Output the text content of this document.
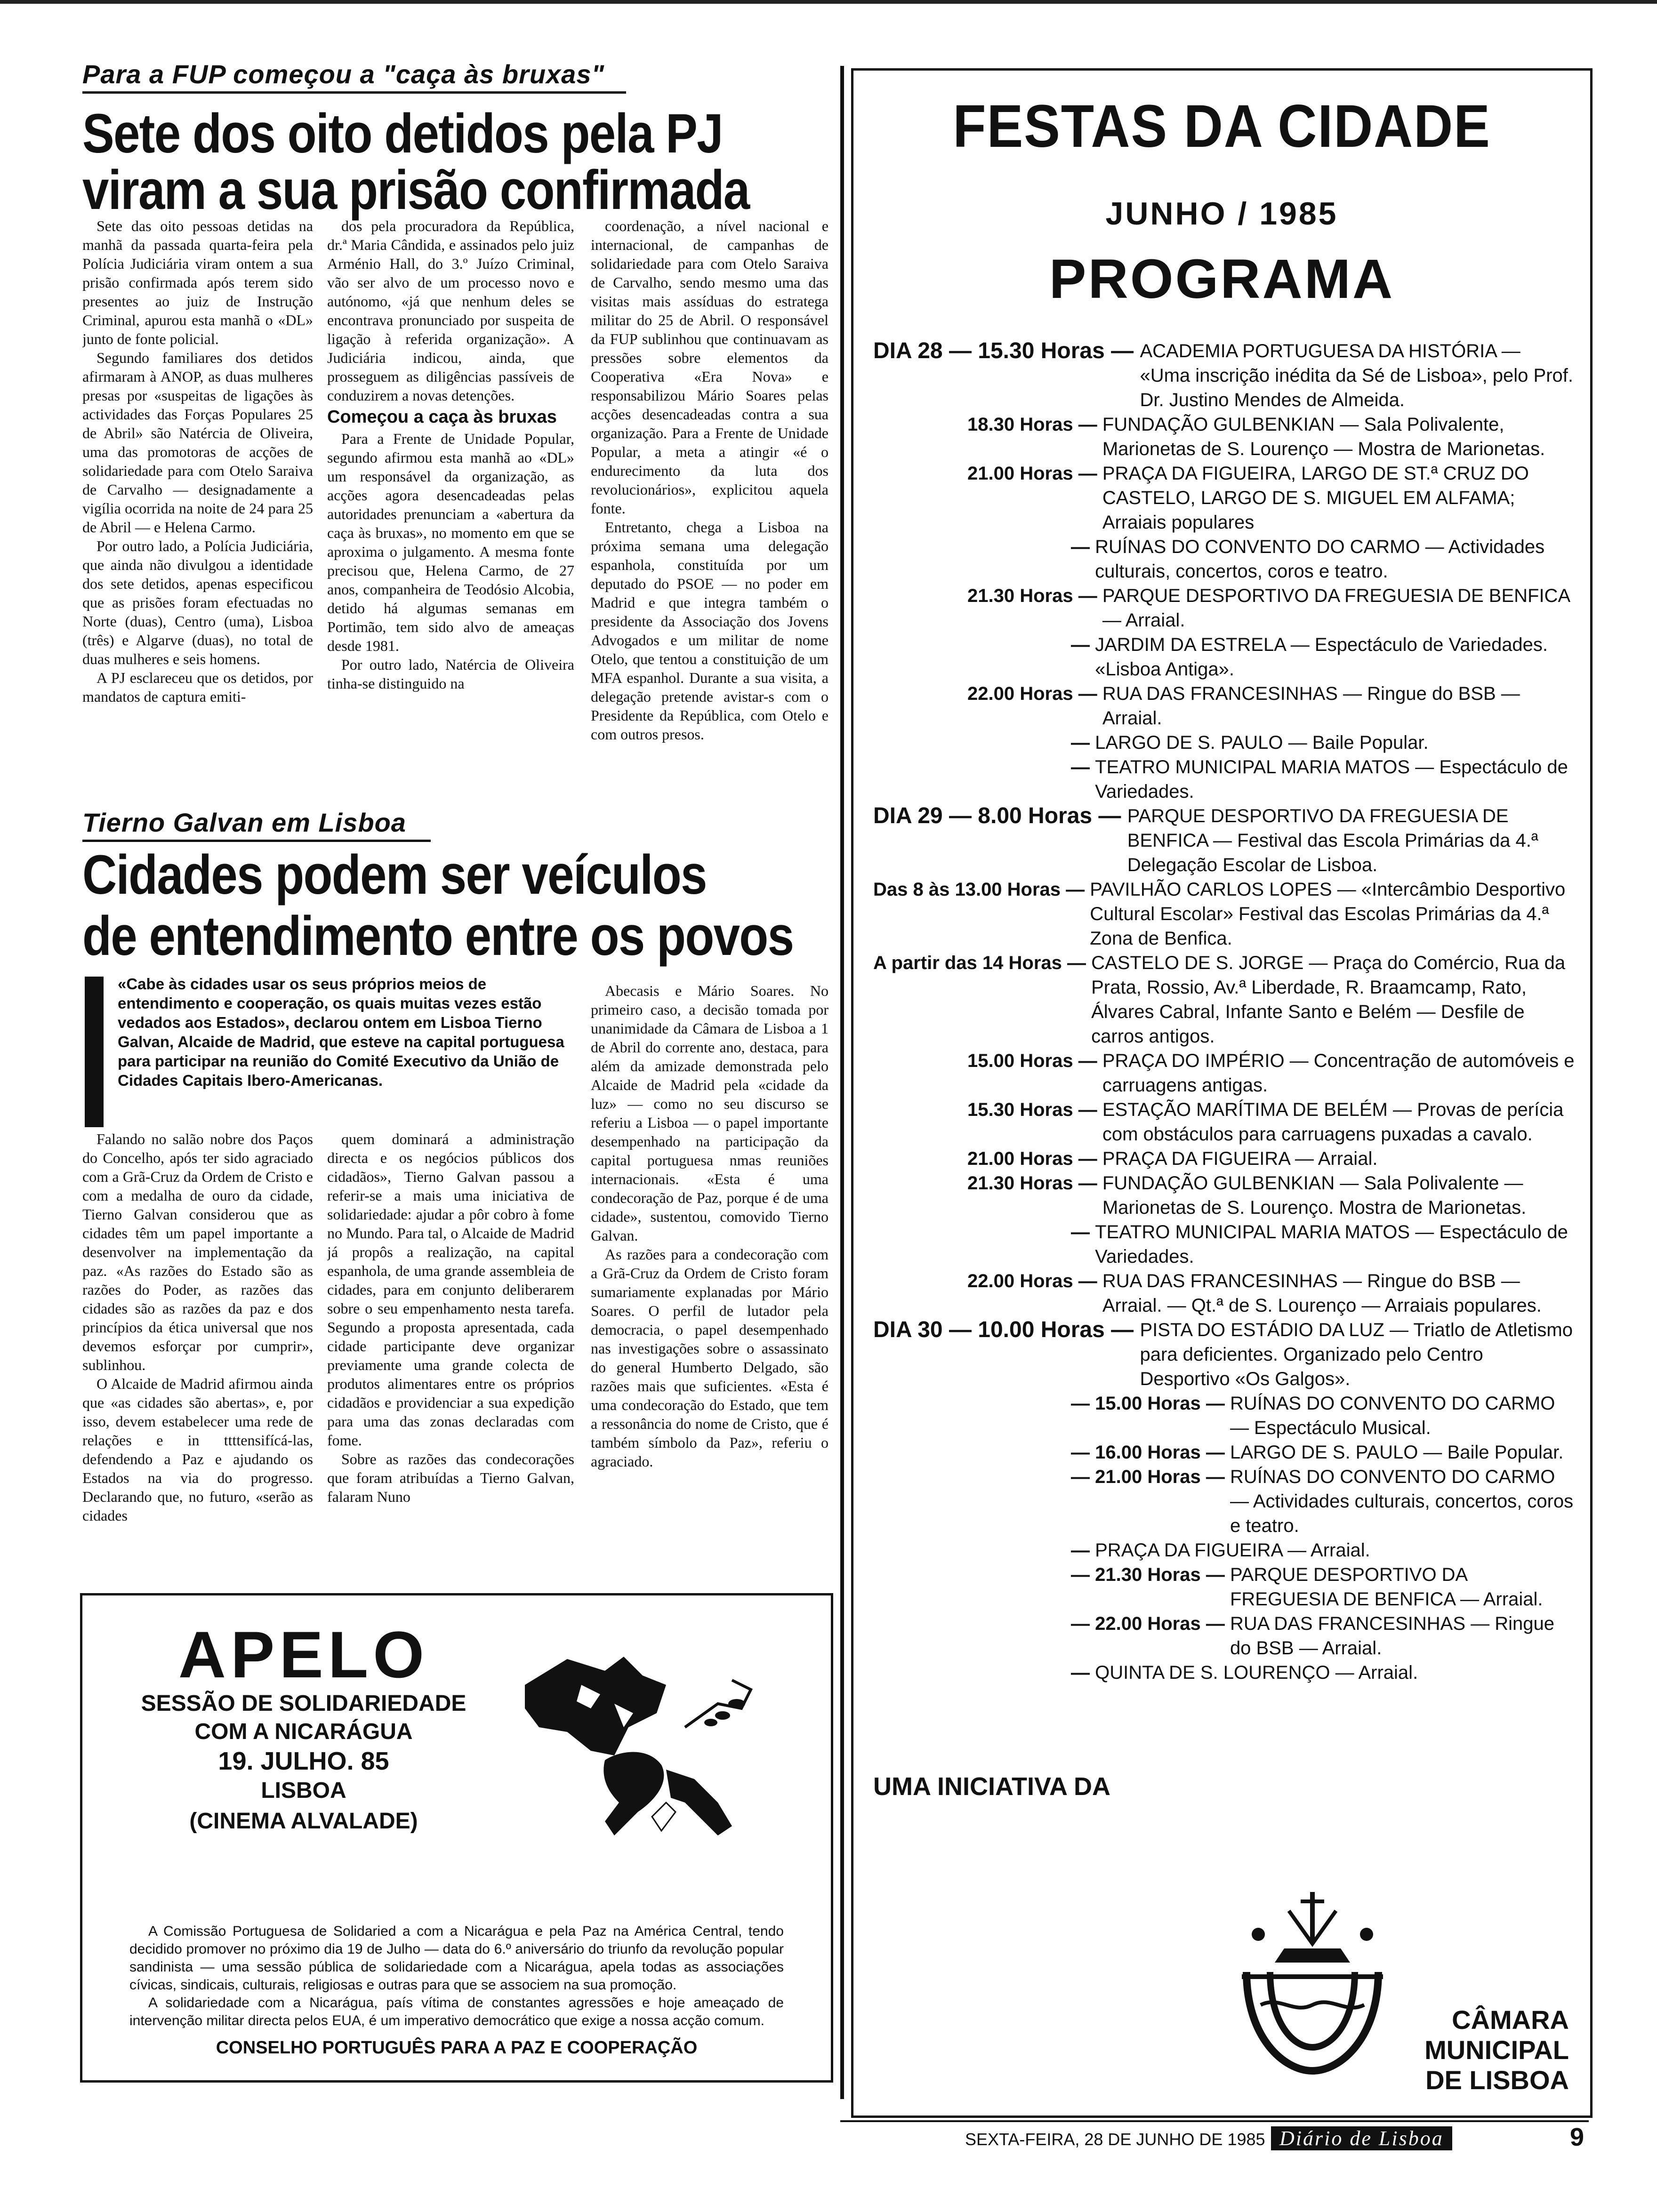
Para a FUP começou a "caça às bruxas"
Sete dos oito detidos pela PJ
viram a sua prisão confirmada

Sete das oito pessoas detidas na manhã da passada quarta-feira pela Polícia Judiciária viram ontem a sua prisão confirmada após terem sido presentes ao juiz de Instrução Criminal, apurou esta manhã o «DL» junto de fonte policial.

Segundo familiares dos detidos afirmaram à ANOP, as duas mulheres presas por «suspeitas de ligações às actividades das Forças Populares 25 de Abril» são Natércia de Oliveira, uma das promotoras de acções de solidariedade para com Otelo Saraiva de Carvalho — designadamente a vigília ocorrida na noite de 24 para 25 de Abril — e Helena Carmo.

Por outro lado, a Polícia Judiciária, que ainda não divulgou a identidade dos sete detidos, apenas especificou que as prisões foram efectuadas no Norte (duas), Centro (uma), Lisboa (três) e Algarve (duas), no total de duas mulheres e seis homens.

A PJ esclareceu que os detidos, por mandatos de captura emiti-

dos pela procuradora da República, dr.ª Maria Cândida, e assinados pelo juiz Arménio Hall, do 3.º Juízo Criminal, vão ser alvo de um processo novo e autónomo, «já que nenhum deles se encontrava pronunciado por suspeita de ligação à referida organização». A Judiciária indicou, ainda, que prosseguem as diligências passíveis de conduzirem a novas detenções.

Começou a caça às bruxas

Para a Frente de Unidade Popular, segundo afirmou esta manhã ao «DL» um responsável da organização, as acções agora desencadeadas pelas autoridades prenunciam a «abertura da caça às bruxas», no momento em que se aproxima o julgamento. A mesma fonte precisou que, Helena Carmo, de 27 anos, companheira de Teodósio Alcobia, detido há algumas semanas em Portimão, tem sido alvo de ameaças desde 1981.

Por outro lado, Natércia de Oliveira tinha-se distinguido na

coordenação, a nível nacional e internacional, de campanhas de solidariedade para com Otelo Saraiva de Carvalho, sendo mesmo uma das visitas mais assíduas do estratega militar do 25 de Abril. O responsável da FUP sublinhou que continuavam as pressões sobre elementos da Cooperativa «Era Nova» e responsabilizou Mário Soares pelas acções desencadeadas contra a sua organização. Para a Frente de Unidade Popular, a meta a atingir «é o endurecimento da luta dos revolucionários», explicitou aquela fonte.

Entretanto, chega a Lisboa na próxima semana uma delegação espanhola, constituída por um deputado do PSOE — no poder em Madrid e que integra também o presidente da Associação dos Jovens Advogados e um militar de nome Otelo, que tentou a constituição de um MFA espanhol. Durante a sua visita, a delegação pretende avistar-s com o Presidente da República, com Otelo e com outros presos.

Tierno Galvan em Lisboa
Cidades podem ser veículos
de entendimento entre os povos
«Cabe às cidades usar os seus próprios meios de entendimento e cooperação, os quais muitas vezes estão vedados aos Estados», declarou ontem em Lisboa Tierno Galvan, Alcaide de Madrid, que esteve na capital portuguesa para participar na reunião do Comité Executivo da União de Cidades Capitais Ibero-Americanas.

Falando no salão nobre dos Paços do Concelho, após ter sido agraciado com a Grã-Cruz da Ordem de Cristo e com a medalha de ouro da cidade, Tierno Galvan considerou que as cidades têm um papel importante a desenvolver na implementação da paz. «As razões do Estado são as razões do Poder, as razões das cidades são as razões da paz e dos princípios da ética universal que nos devemos esforçar por cumprir», sublinhou.

O Alcaide de Madrid afirmou ainda que «as cidades são abertas», e, por isso, devem estabelecer uma rede de relações e in ttttensifícá-las, defendendo a Paz e ajudando os Estados na via do progresso. Declarando que, no futuro, «serão as cidades

quem dominará a administração directa e os negócios públicos dos cidadãos», Tierno Galvan passou a referir-se a mais uma iniciativa de solidariedade: ajudar a pôr cobro à fome no Mundo. Para tal, o Alcaide de Madrid já propôs a realização, na capital espanhola, de uma grande assembleia de cidades, para em conjunto deliberarem sobre o seu empenhamento nesta tarefa. Segundo a proposta apresentada, cada cidade participante deve organizar previamente uma grande colecta de produtos alimentares entre os próprios cidadãos e providenciar a sua expedição para uma das zonas declaradas com fome.

Sobre as razões das condecorações que foram atribuídas a Tierno Galvan, falaram Nuno

Abecasis e Mário Soares. No primeiro caso, a decisão tomada por unanimidade da Câmara de Lisboa a 1 de Abril do corrente ano, destaca, para além da amizade demonstrada pelo Alcaide de Madrid pela «cidade da luz» — como no seu discurso se referiu a Lisboa — o papel importante desempenhado na participação da capital portuguesa nmas reuniões internacionais. «Esta é uma condecoração de Paz, porque é de uma cidade», sustentou, comovido Tierno Galvan.

As razões para a condecoração com a Grã-Cruz da Ordem de Cristo foram sumariamente explanadas por Mário Soares. O perfil de lutador pela democracia, o papel desempenhado nas investigações sobre o assassinato do general Humberto Delgado, são razões mais que suficientes. «Esta é uma condecoração do Estado, que tem a ressonância do nome de Cristo, que é também símbolo da Paz», referiu o agraciado.

APELO
SESSÃO DE SOLIDARIEDADE
COM A NICARÁGUA
19. JULHO. 85
LISBOA
(CINEMA ALVALADE)

A Comissão Portuguesa de Solidaried a com a Nicarágua e pela Paz na América Central, tendo decidido promover no próximo dia 19 de Julho — data do 6.º aniversário do triunfo da revolução popular sandinista — uma sessão pública de solidariedade com a Nicarágua, apela todas as associações cívicas, sindicais, culturais, religiosas e outras para que se associem na sua promoção.

A solidariedade com a Nicarágua, país vítima de constantes agressões e hoje ameaçado de intervenção militar directa pelos EUA, é um imperativo democrático que exige a nossa acção comum.

CONSELHO PORTUGUÊS PARA A PAZ E COOPERAÇÃO
FESTAS DA CIDADE
JUNHO / 1985
PROGRAMA
DIA 28 — 15.30 Horas — ACADEMIA PORTUGUESA DA HISTÓRIA — «Uma inscrição inédita da Sé de Lisboa», pelo Prof. Dr. Justino Mendes de Almeida.
18.30 Horas — FUNDAÇÃO GULBENKIAN — Sala Polivalente, Marionetas de S. Lourenço — Mostra de Marionetas.
21.00 Horas — PRAÇA DA FIGUEIRA, LARGO DE ST.ª CRUZ DO CASTELO, LARGO DE S. MIGUEL EM ALFAMA; Arraiais populares
— RUÍNAS DO CONVENTO DO CARMO — Actividades culturais, concertos, coros e teatro.
21.30 Horas — PARQUE DESPORTIVO DA FREGUESIA DE BENFICA — Arraial.
— JARDIM DA ESTRELA — Espectáculo de Variedades. «Lisboa Antiga».
22.00 Horas — RUA DAS FRANCESINHAS — Ringue do BSB — Arraial.
— LARGO DE S. PAULO — Baile Popular.
— TEATRO MUNICIPAL MARIA MATOS — Espectáculo de Variedades.
DIA 29 — 8.00 Horas — PARQUE DESPORTIVO DA FREGUESIA DE BENFICA — Festival das Escola Primárias da 4.ª Delegação Escolar de Lisboa.
Das 8 às 13.00 Horas — PAVILHÃO CARLOS LOPES — «Intercâmbio Desportivo Cultural Escolar» Festival das Escolas Primárias da 4.ª Zona de Benfica.
A partir das 14 Horas — CASTELO DE S. JORGE — Praça do Comércio, Rua da Prata, Rossio, Av.ª Liberdade, R. Braamcamp, Rato, Álvares Cabral, Infante Santo e Belém — Desfile de carros antigos.
15.00 Horas — PRAÇA DO IMPÉRIO — Concentração de automóveis e carruagens antigas.
15.30 Horas — ESTAÇÃO MARÍTIMA DE BELÉM — Provas de perícia com obstáculos para carruagens puxadas a cavalo.
21.00 Horas — PRAÇA DA FIGUEIRA — Arraial.
21.30 Horas — FUNDAÇÃO GULBENKIAN — Sala Polivalente — Marionetas de S. Lourenço. Mostra de Marionetas.
— TEATRO MUNICIPAL MARIA MATOS — Espectáculo de Variedades.
22.00 Horas — RUA DAS FRANCESINHAS — Ringue do BSB — Arraial. — Qt.ª de S. Lourenço — Arraiais populares.
DIA 30 — 10.00 Horas — PISTA DO ESTÁDIO DA LUZ — Triatlo de Atletismo para deficientes. Organizado pelo Centro Desportivo «Os Galgos».
— 15.00 Horas — RUÍNAS DO CONVENTO DO CARMO — Espectáculo Musical.
— 16.00 Horas — LARGO DE S. PAULO — Baile Popular.
— 21.00 Horas — RUÍNAS DO CONVENTO DO CARMO — Actividades culturais, concertos, coros e teatro.
— PRAÇA DA FIGUEIRA — Arraial.
— 21.30 Horas — PARQUE DESPORTIVO DA FREGUESIA DE BENFICA — Arraial.
— 22.00 Horas — RUA DAS FRANCESINHAS — Ringue do BSB — Arraial.
— QUINTA DE S. LOURENÇO — Arraial.
UMA INICIATIVA DA
CÂMARA
MUNICIPAL
DE LISBOA
SEXTA-FEIRA, 28 DE JUNHO DE 1985 Diário de Lisboa	9
